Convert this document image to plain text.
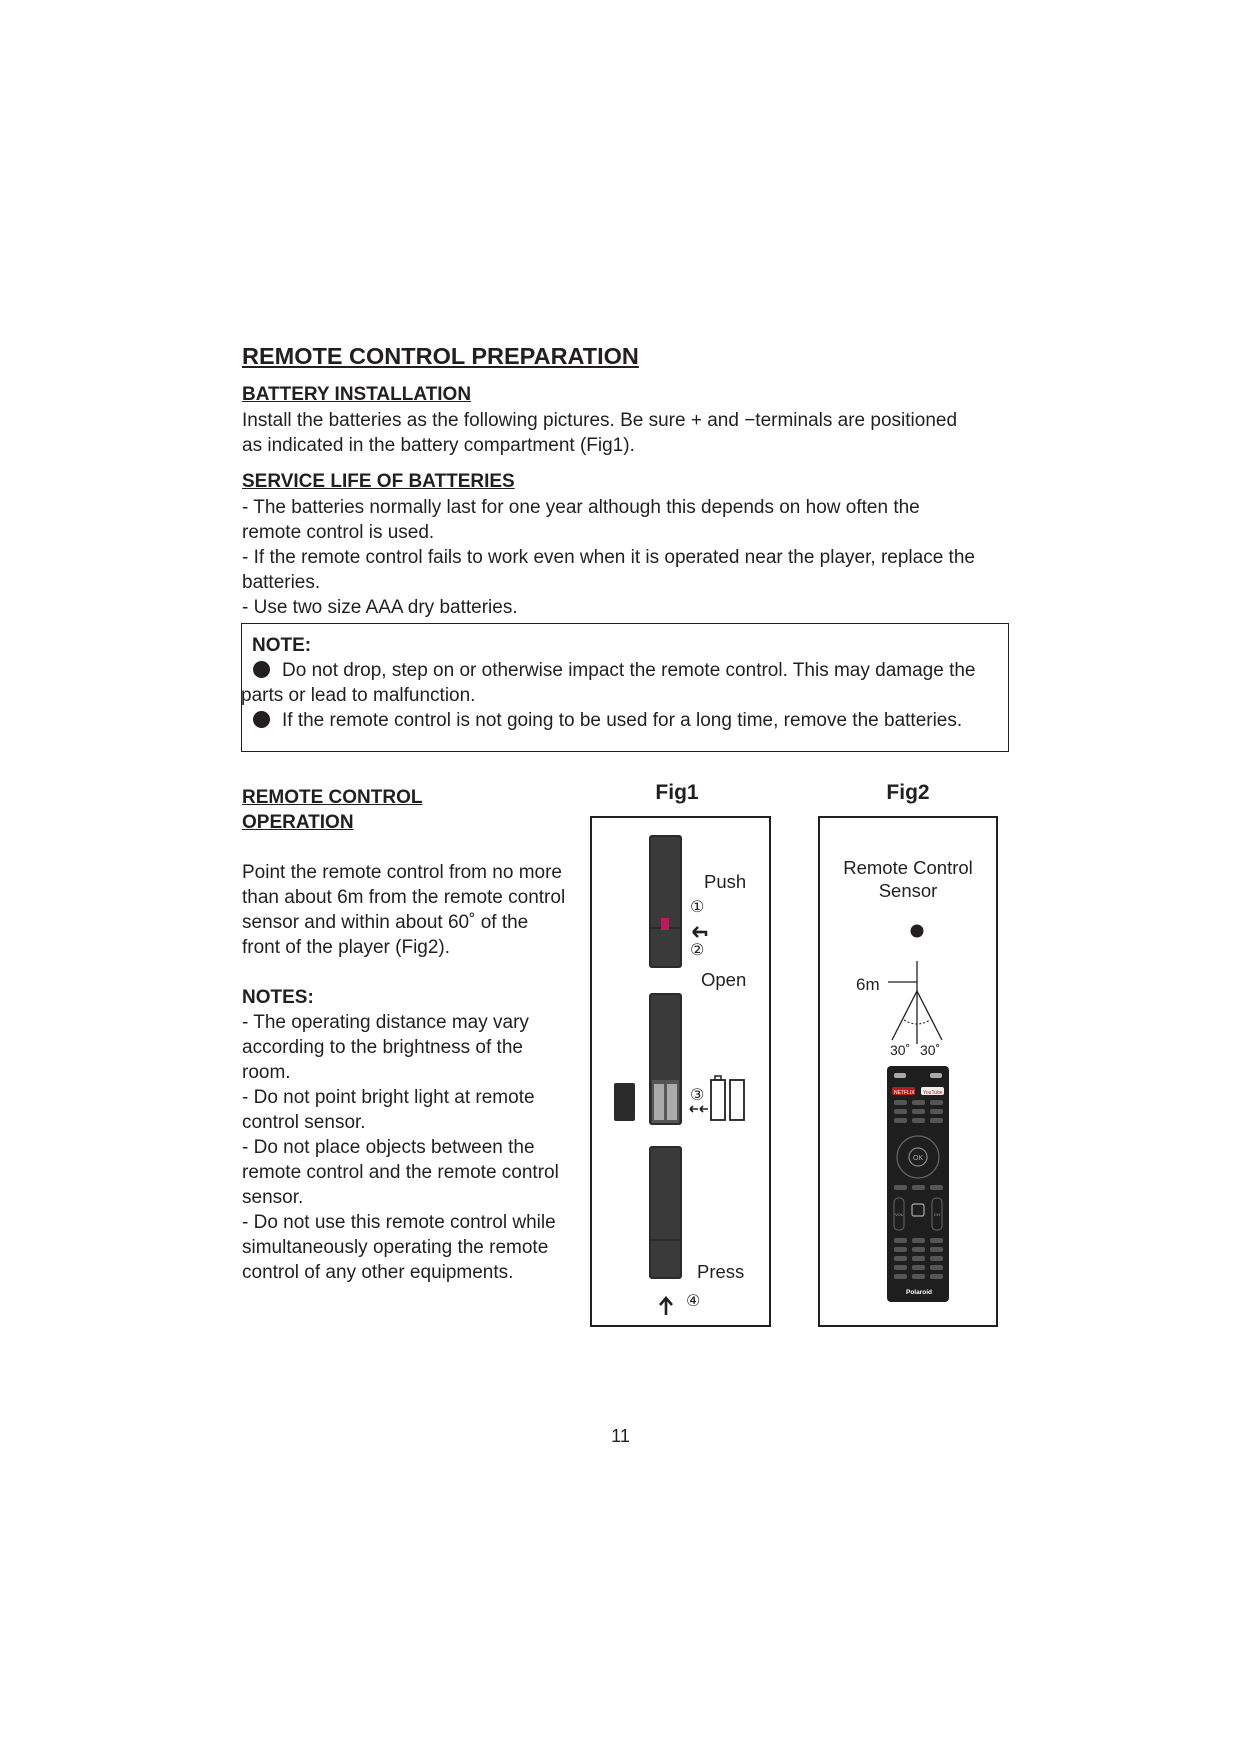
REMOTE CONTROL PREPARATION
BATTERY INSTALLATION
Install the batteries as the following pictures. Be sure + and −terminals are positioned
as indicated in the battery compartment (Fig1).
SERVICE LIFE OF BATTERIES
- The batteries normally last for one year although this depends on how often the
remote control is used.
- If the remote control fails to work even when it is operated near the player, replace the
batteries.
- Use two size AAA dry batteries.
NOTE:
Do not drop, step on or otherwise impact the remote control. This may damage the
parts or lead to malfunction.
If the remote control is not going to be used for a long time, remove the batteries.
REMOTE CONTROL
OPERATION
Point the remote control from no more
than about 6m from the remote control
sensor and within about 60˚ of the
front of the player (Fig2).
NOTES:
- The operating distance may vary
according to the brightness of the
room.
- Do not point bright light at remote
control sensor.
- Do not place objects between the
remote control and the remote control
sensor.
- Do not use this remote control while
simultaneously operating the remote
control of any other equipments.
Fig1
Push
①
②
Open
③
Press
④
Fig2
Remote Control
Sensor
6m
30˚ 30˚
NETFLIX YouTube
OK
VOL	CH
Polaroid
11
